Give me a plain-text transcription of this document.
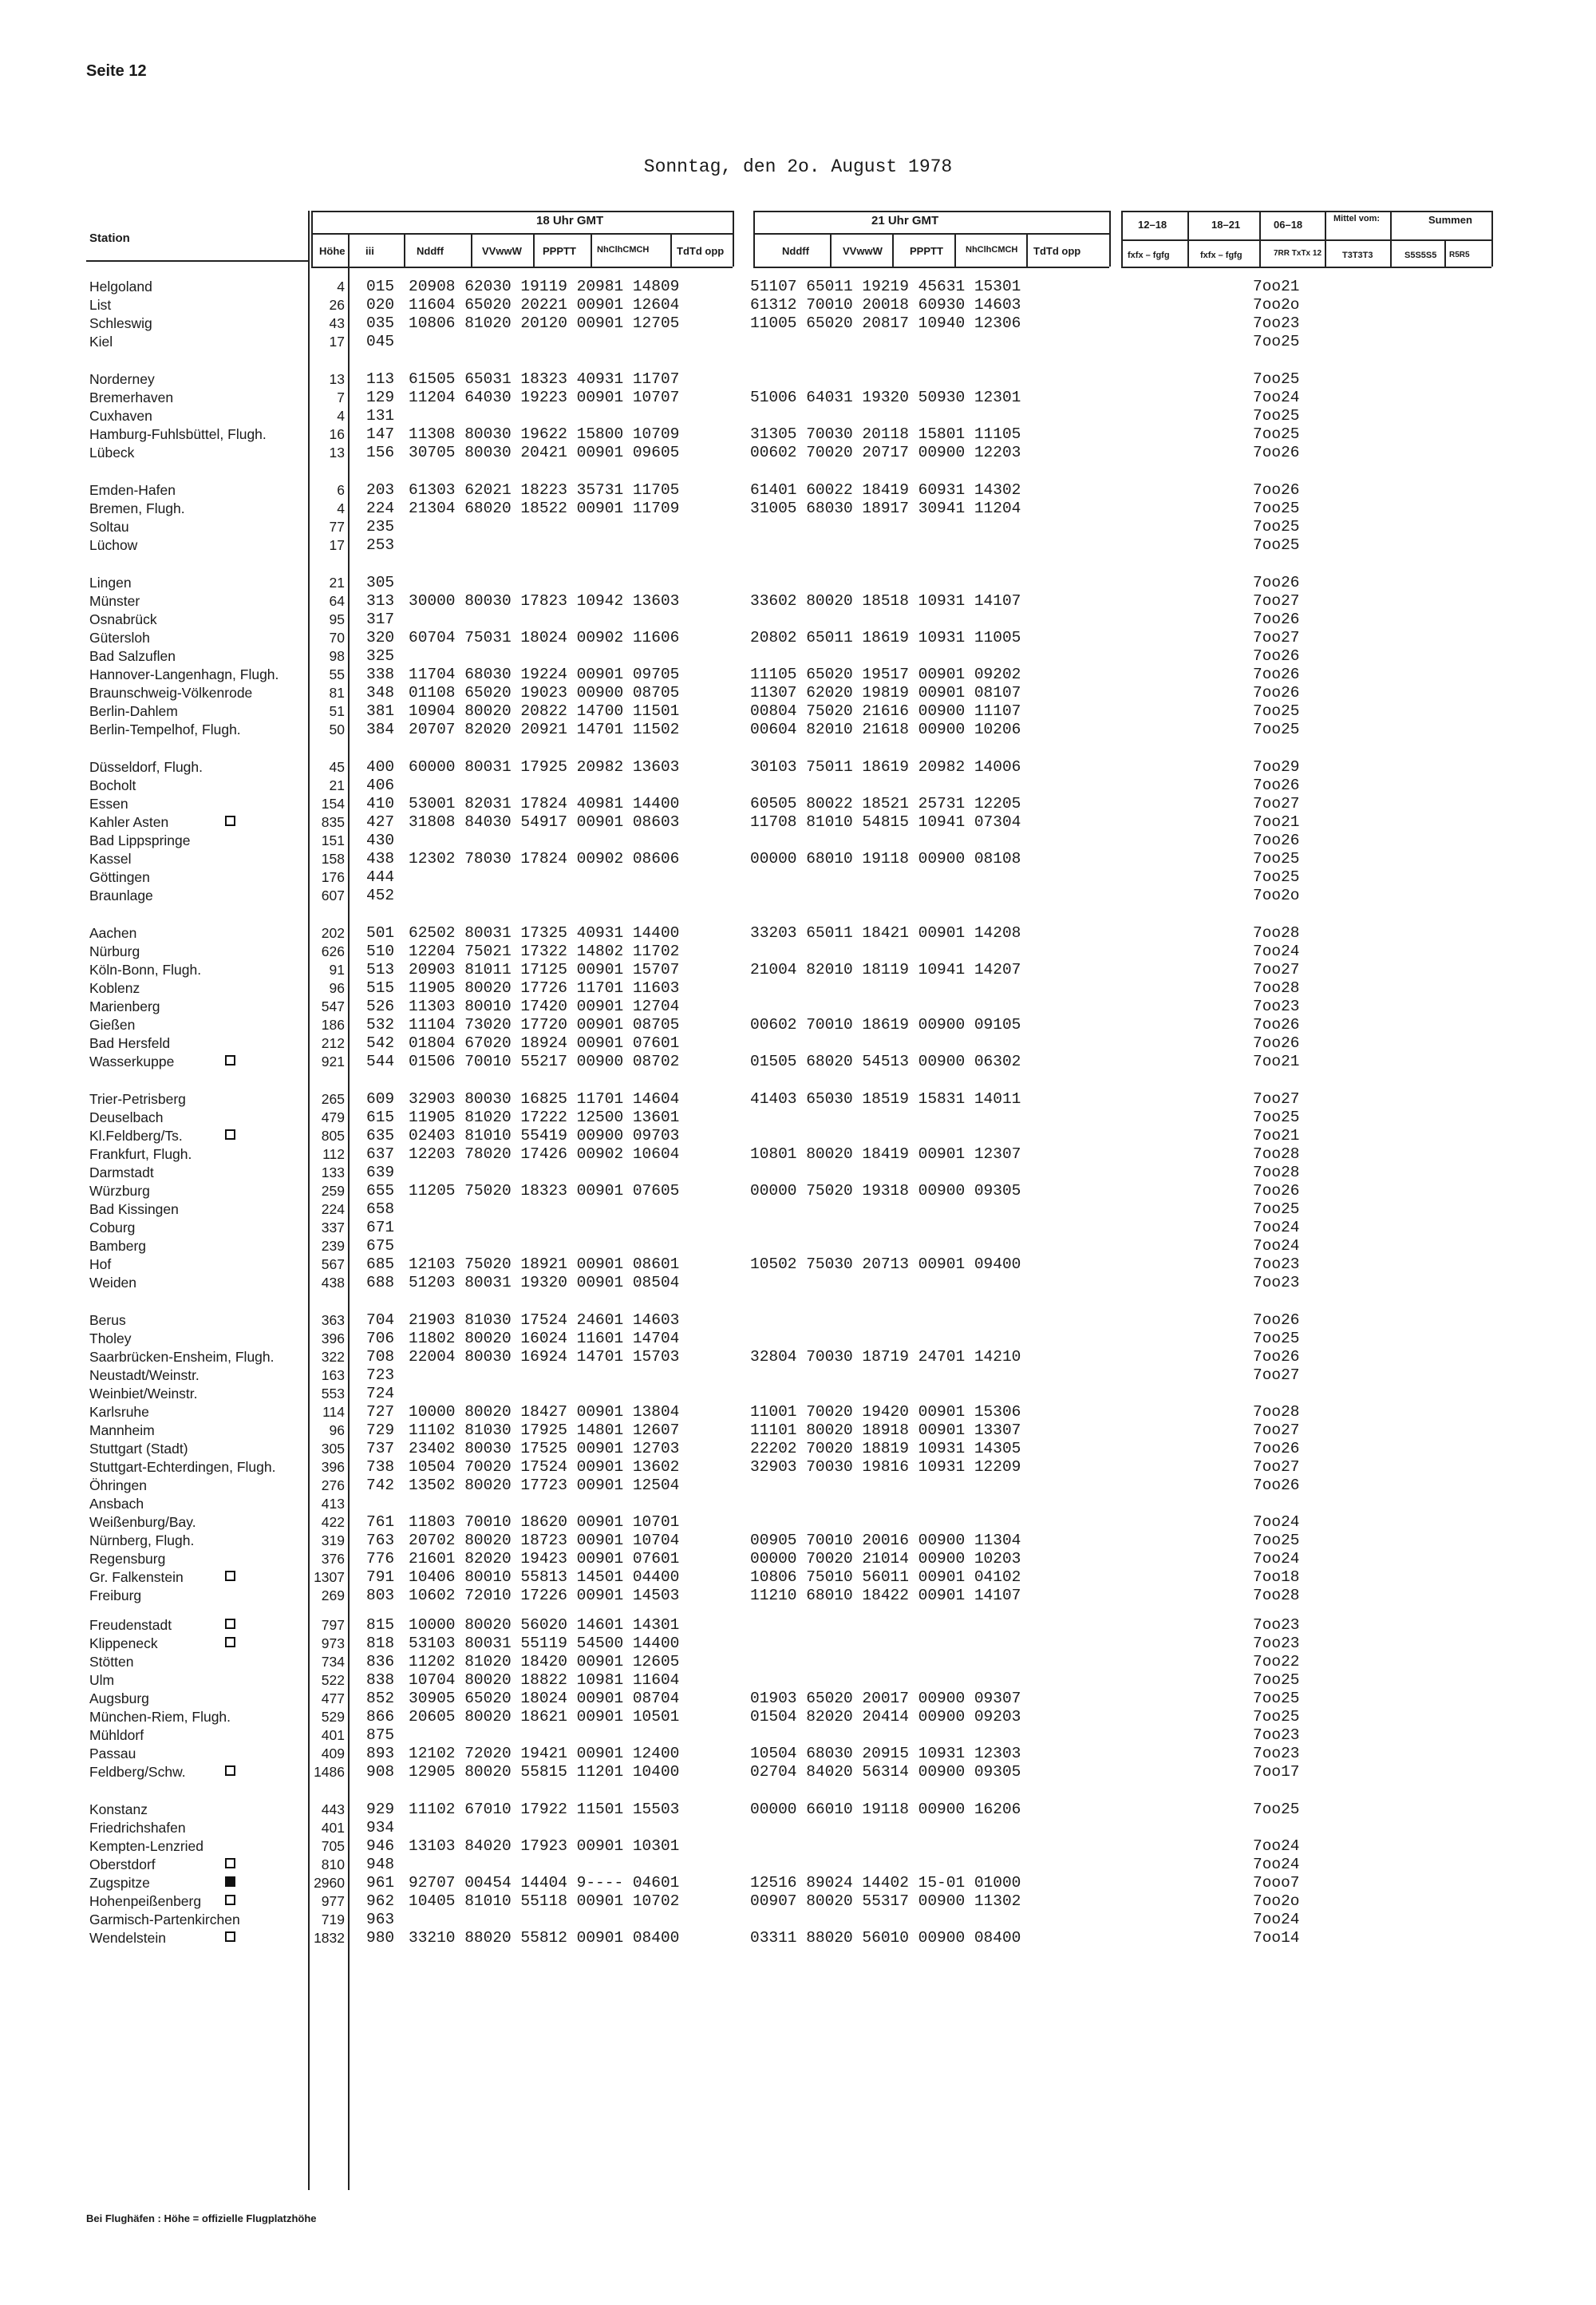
Seite 12
Sonntag, den 2o. August 1978
Station
Höhe iii
18 Uhr GMT	21 Uhr GMT
Nddff	VVwwW PPPTT NhClhCMCH	TdTd opp	Nddff	VVwwW	PPPTT	NhClhCMCH TdTd opp
12–18	18–21	06–18	Mittel vom:	Summen
fxfx – fgfg	fxfx – fgfg	7RR TxTx 12 T3T3T3	S5S5S5 R5R5
Helgoland	4 015 20908 62030 19119 20981 14809	51107 65011 19219 45631 15301	7oo21
List	26 020 11604 65020 20221 00901 12604	61312 70010 20018 60930 14603	7oo2o
Schleswig	43 035 10806 81020 20120 00901 12705	11005 65020 20817 10940 12306	7oo23
Kiel	17 045	7oo25
Norderney	13 113 61505 65031 18323 40931 11707	7oo25
Bremerhaven	7 129 11204 64030 19223 00901 10707	51006 64031 19320 50930 12301	7oo24
Cuxhaven	4 131	7oo25
Hamburg-Fuhlsbüttel, Flugh.	16 147 11308 80030 19622 15800 10709	31305 70030 20118 15801 11105	7oo25
Lübeck	13 156 30705 80030 20421 00901 09605	00602 70020 20717 00900 12203	7oo26
Emden-Hafen	6 203 61303 62021 18223 35731 11705	61401 60022 18419 60931 14302	7oo26
Bremen, Flugh.	4 224 21304 68020 18522 00901 11709	31005 68030 18917 30941 11204	7oo25
Soltau	77 235	7oo25
Lüchow	17 253	7oo25
Lingen	21 305	7oo26
Münster	64 313 30000 80030 17823 10942 13603	33602 80020 18518 10931 14107	7oo27
Osnabrück	95 317	7oo26
Gütersloh	70 320 60704 75031 18024 00902 11606	20802 65011 18619 10931 11005	7oo27
Bad Salzuflen	98 325	7oo26
Hannover-Langenhagn, Flugh.	55 338 11704 68030 19224 00901 09705	11105 65020 19517 00901 09202	7oo26
Braunschweig-Völkenrode	81 348 01108 65020 19023 00900 08705	11307 62020 19819 00901 08107	7oo26
Berlin-Dahlem	51 381 10904 80020 20822 14700 11501	00804 75020 21616 00900 11107	7oo25
Berlin-Tempelhof, Flugh.	50 384 20707 82020 20921 14701 11502	00604 82010 21618 00900 10206	7oo25
Düsseldorf, Flugh.	45 400 60000 80031 17925 20982 13603	30103 75011 18619 20982 14006	7oo29
Bocholt	21 406	7oo26
Essen	154 410 53001 82031 17824 40981 14400	60505 80022 18521 25731 12205	7oo27
Kahler Asten	835 427 31808 84030 54917 00901 08603	11708 81010 54815 10941 07304	7oo21
Bad Lippspringe	151 430	7oo26
Kassel	158 438 12302 78030 17824 00902 08606	00000 68010 19118 00900 08108	7oo25
Göttingen	176 444	7oo25
Braunlage	607 452	7oo2o
Aachen	202 501 62502 80031 17325 40931 14400	33203 65011 18421 00901 14208	7oo28
Nürburg	626 510 12204 75021 17322 14802 11702	7oo24
Köln-Bonn, Flugh.	91 513 20903 81011 17125 00901 15707	21004 82010 18119 10941 14207	7oo27
Koblenz	96 515 11905 80020 17726 11701 11603	7oo28
Marienberg	547 526 11303 80010 17420 00901 12704	7oo23
Gießen	186 532 11104 73020 17720 00901 08705	00602 70010 18619 00900 09105	7oo26
Bad Hersfeld	212 542 01804 67020 18924 00901 07601	7oo26
Wasserkuppe	921 544 01506 70010 55217 00900 08702	01505 68020 54513 00900 06302	7oo21
Trier-Petrisberg	265 609 32903 80030 16825 11701 14604	41403 65030 18519 15831 14011	7oo27
Deuselbach	479 615 11905 81020 17222 12500 13601	7oo25
Kl.Feldberg/Ts.	805 635 02403 81010 55419 00900 09703	7oo21
Frankfurt, Flugh.	112 637 12203 78020 17426 00902 10604	10801 80020 18419 00901 12307	7oo28
Darmstadt	133 639	7oo28
Würzburg	259 655 11205 75020 18323 00901 07605	00000 75020 19318 00900 09305	7oo26
Bad Kissingen	224 658	7oo25
Coburg	337 671	7oo24
Bamberg	239 675	7oo24
Hof	567 685 12103 75020 18921 00901 08601	10502 75030 20713 00901 09400	7oo23
Weiden	438 688 51203 80031 19320 00901 08504	7oo23
Berus	363 704 21903 81030 17524 24601 14603	7oo26
Tholey	396 706 11802 80020 16024 11601 14704	7oo25
Saarbrücken-Ensheim, Flugh.	322 708 22004 80030 16924 14701 15703	32804 70030 18719 24701 14210	7oo26
Neustadt/Weinstr.	163 723	7oo27
Weinbiet/Weinstr.	553 724
Karlsruhe	114 727 10000 80020 18427 00901 13804	11001 70020 19420 00901 15306	7oo28
Mannheim	96 729 11102 81030 17925 14801 12607	11101 80020 18918 00901 13307	7oo27
Stuttgart (Stadt)	305 737 23402 80030 17525 00901 12703	22202 70020 18819 10931 14305	7oo26
Stuttgart-Echterdingen, Flugh.	396 738 10504 70020 17524 00901 13602	32903 70030 19816 10931 12209	7oo27
Öhringen	276 742 13502 80020 17723 00901 12504	7oo26
Ansbach	413
Weißenburg/Bay.	422 761 11803 70010 18620 00901 10701	7oo24
Nürnberg, Flugh.	319 763 20702 80020 18723 00901 10704	00905 70010 20016 00900 11304	7oo25
Regensburg	376 776 21601 82020 19423 00901 07601	00000 70020 21014 00900 10203	7oo24
Gr. Falkenstein	1307 791 10406 80010 55813 14501 04400	10806 75010 56011 00901 04102	7oo18
Freiburg	269 803 10602 72010 17226 00901 14503	11210 68010 18422 00901 14107	7oo28
Freudenstadt	797 815 10000 80020 56020 14601 14301	7oo23
Klippeneck	973 818 53103 80031 55119 54500 14400	7oo23
Stötten	734 836 11202 81020 18420 00901 12605	7oo22
Ulm	522 838 10704 80020 18822 10981 11604	7oo25
Augsburg	477 852 30905 65020 18024 00901 08704	01903 65020 20017 00900 09307	7oo25
München-Riem, Flugh.	529 866 20605 80020 18621 00901 10501	01504 82020 20414 00900 09203	7oo25
Mühldorf	401 875	7oo23
Passau	409 893 12102 72020 19421 00901 12400	10504 68030 20915 10931 12303	7oo23
Feldberg/Schw.	1486 908 12905 80020 55815 11201 10400	02704 84020 56314 00900 09305	7oo17
Konstanz	443 929 11102 67010 17922 11501 15503	00000 66010 19118 00900 16206	7oo25
Friedrichshafen	401 934
Kempten-Lenzried	705 946 13103 84020 17923 00901 10301	7oo24
Oberstdorf	810 948	7oo24
Zugspitze	2960 961 92707 00454 14404 9---- 04601	12516 89024 14402 15-01 01000	7ooo7
Hohenpeißenberg	977 962 10405 81010 55118 00901 10702	00907 80020 55317 00900 11302	7oo2o
Garmisch-Partenkirchen	719 963	7oo24
Wendelstein	1832 980 33210 88020 55812 00901 08400	03311 88020 56010 00900 08400	7oo14
Bei Flughäfen : Höhe = offizielle Flugplatzhöhe
